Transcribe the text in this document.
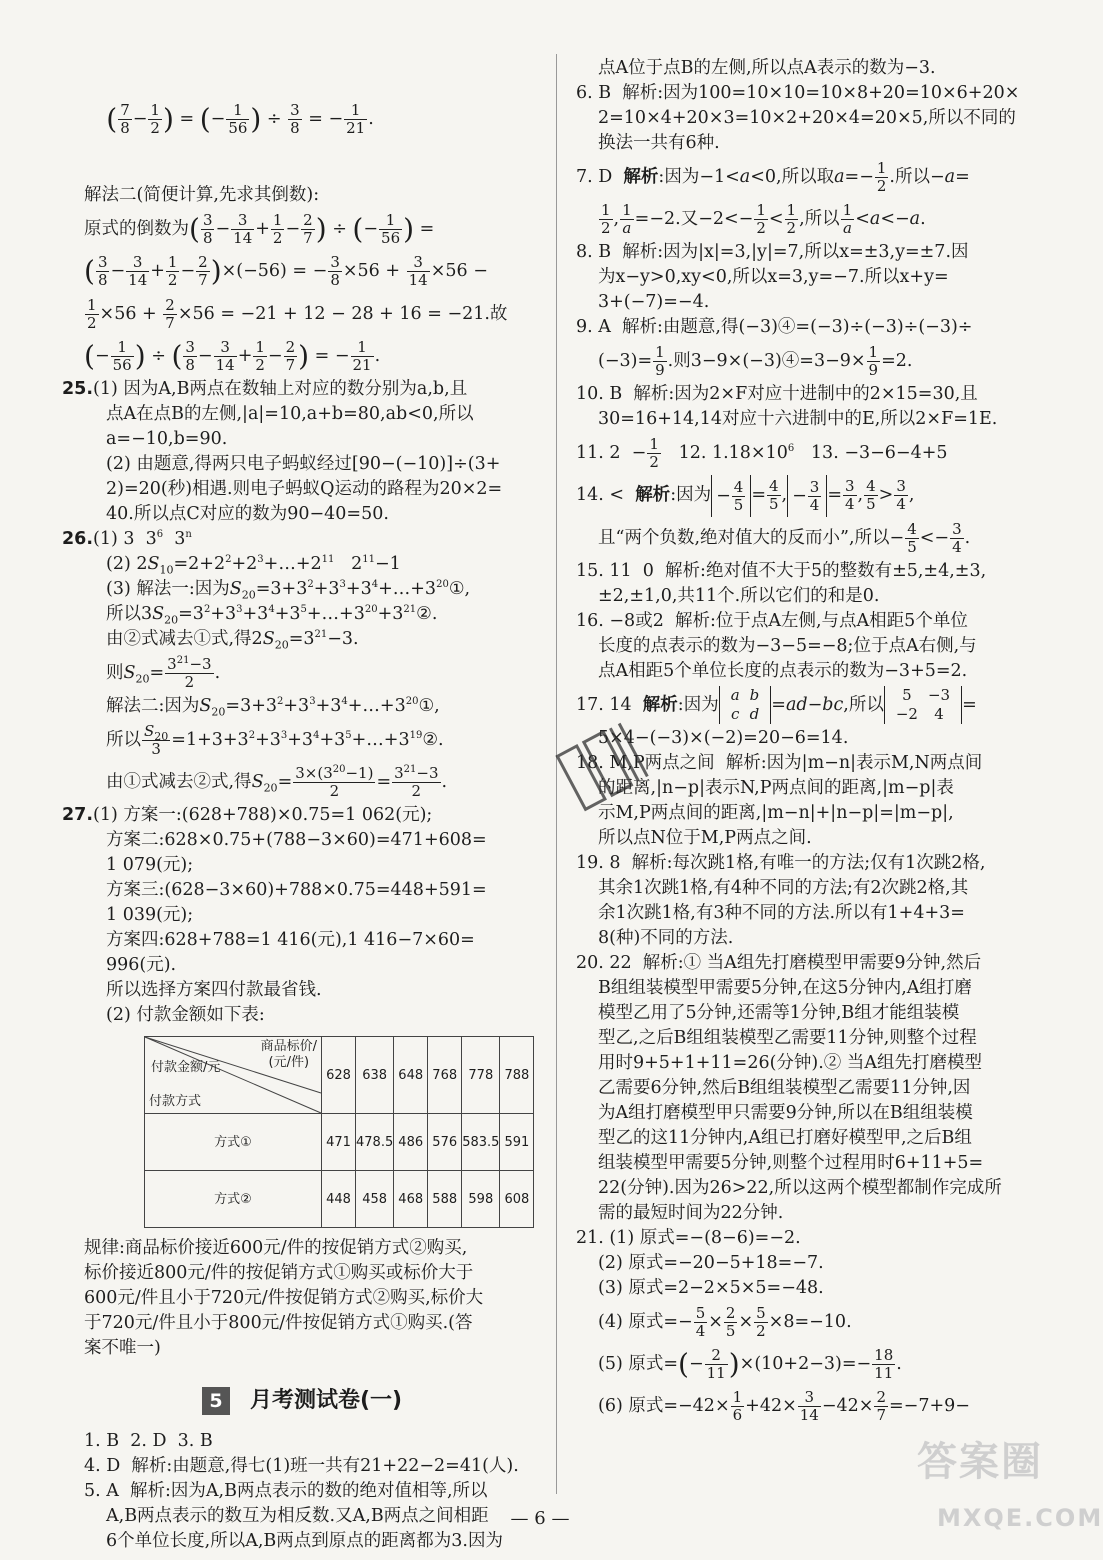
( $\frac{7}{8} - \frac{1}{2}$ ) = (− $\frac{1}{56}$ ) ÷ $\frac{3}{8}$ = − $\frac{1}{21}$ .

解法二(简便计算,先求其倒数):
原式的倒数为( $\frac{3}{8} - \frac{3}{14} + \frac{1}{2} - \frac{2}{7}$ ) ÷ (− $\frac{1}{56}$ ) =
( $\frac{3}{8} - \frac{3}{14} + \frac{1}{2} - \frac{2}{7} )\times(-56)$ = − $\frac{3}{8} \times 56 + \frac{3}{14} \times 56$ −
$\frac{1}{2} \times 56 + \frac{2}{7} \times 56 = -21 + 12 - 28 + 16 = -21$.故
(− $\frac{1}{56}$ ) ÷ ( $\frac{3}{8} - \frac{3}{14} + \frac{1}{2} - \frac{2}{7}$ ) = − $\frac{1}{21}$ .
25.(1) 因为A,B两点在数轴上对应的数分别为a,b,且
点A在点B的左侧,|a|=10,a+b=80,ab<0,所以
a=−10,b=90.
(2) 由题意,得两只电子蚂蚁经过[90−(−10)]÷(3+
2)=20(秒)相遇.则电子蚂蚁Q运动的路程为20×2=
40.所以点C对应的数为90−40=50.
26.(1) 3  $3^6$  3$^n$
(2) $2S_{10}=2+2^2+2^3+\dots+2^{11}$   $2^{11}-1$
(3) 解法一:因为$S_{20}=3+3^2+3^3+3^4+\dots+3^{20}①$,
所以$3S_{20}=3^2+3^3+3^4+3^5+\dots+3^{20}+3^{21}②$.
由②式减去①式,得$2S_{20}=3^{21}-3$.
则$S_{20}= \frac{3^{21}-3}{2}$ .
解法二:因为$S_{20}=3+3^2+3^3+3^4+\dots+3^{20}①$,
所以 $\frac{S_{20}}{3}$ $=1+3+3^2+3^3+3^4+3^5+\dots+3^{19}②$.
由①式减去②式,得$S_{20}= \frac{3\times(3^{20}-1)}{2} = \frac{3^{21}-3}{2}$ .
27.(1) 方案一:(628+788)×0.75=1 062(元);
方案二:628×0.75+(788−3×60)=471+608=
1 079(元);
方案三:(628−3×60)+788×0.75=448+591=
1 039(元);
方案四:628+788=1 416(元),1 416−7×60=
996(元).
所以选择方案四付款最省钱.
(2) 付款金额如下表:
商品标价/
(元/件)
付款金额/元
付款方式	628	638	648	768	778	788
方式①	471	478.5	486	576	583.5	591
方式②	448	458	468	588	598	608
规律:商品标价接近600元/件的按促销方式②购买,
标价接近800元/件的按促销方式①购买或标价大于
600元/件且小于720元/件按促销方式②购买,标价大
于720元/件且小于800元/件按促销方式①购买.(答
案不唯一)
5 月考测试卷(一)
1. B  2. D  3. B
4. D  解析:由题意,得七(1)班一共有21+22−2=41(人).
5. A  解析:因为A,B两点表示的数的绝对值相等,所以
A,B两点表示的数互为相反数.又A,B两点之间相距
6个单位长度,所以A,B两点到原点的距离都为3.因为
点A位于点B的左侧,所以点A表示的数为−3.
6. B  解析:因为100=10×10=10×8+20=10×6+20×
2=10×4+20×3=10×2+20×4=20×5,所以不同的
换法一共有6种.
7. D  解析:因为−1<a<0,所以取$a=- \frac{1}{2}$ .所以−a=
$\frac{1}{2}$ , $\frac{1}{a} =-2$.又$-2<- \frac{1}{2} < \frac{1}{2}$ ,所以 $\frac{1}{a} <a<-a$.
8. B  解析:因为|x|=3,|y|=7,所以x=±3,y=±7.因
为x−y>0,xy<0,所以x=3,y=−7.所以x+y=
3+(−7)=−4.
9. A  解析:由题意,得(−3)④=(−3)÷(−3)÷(−3)÷
$(-3)= \frac{1}{9}$ .则3−9×(−3)④=3−9× $\frac{1}{9} =2$.
10. B  解析:因为2×F对应十进制中的2×15=30,且
30=16+14,14对应十六进制中的E,所以2×F=1E.
11. $2 - \frac{1}{2} 12$. $1.18\times 10^6$   13. −3−6−4+5
14. <  解析:因为 − $\frac{4}{5} = \frac{4}{5}$ , − $\frac{3}{4} = \frac{3}{4}$ , $\frac{4}{5} > \frac{3}{4}$ ,
且“两个负数,绝对值大的反而小”,所以− $\frac{4}{5} <- \frac{3}{4}$ .
15. 11  0  解析:绝对值不大于5的整数有±5,±4,±3,
±2,±1,0,共11个.所以它们的和是0.
16. −8或2  解析:位于点A左侧,与点A相距5个单位
长度的点表示的数为−3−5=−8;位于点A右侧,与
点A相距5个单位长度的点表示的数为−3+5=2.
17. 14  解析:因为 a	b
c	d =ad−bc,所以 5	−3
−2	4 =
5×4−(−3)×(−2)=20−6=14.
18. M,P两点之间  解析:因为|m−n|表示M,N两点间
的距离,|n−p|表示N,P两点间的距离,|m−p|表
示M,P两点间的距离,|m−n|+|n−p|=|m−p|,
所以点N位于M,P两点之间.
19. 8  解析:每次跳1格,有唯一的方法;仅有1次跳2格,
其余1次跳1格,有4种不同的方法;有2次跳2格,其
余1次跳1格,有3种不同的方法.所以有1+4+3=
8(种)不同的方法.
20. 22  解析:① 当A组先打磨模型甲需要9分钟,然后
B组组装模型甲需要5分钟,在这5分钟内,A组打磨
模型乙用了5分钟,还需等1分钟,B组才能组装模
型乙,之后B组组装模型乙需要11分钟,则整个过程
用时9+5+1+11=26(分钟).② 当A组先打磨模型
乙需要6分钟,然后B组组装模型乙需要11分钟,因
为A组打磨模型甲只需要9分钟,所以在B组组装模
型乙的这11分钟内,A组已打磨好模型甲,之后B组
组装模型甲需要5分钟,则整个过程用时6+11+5=
22(分钟).因为26>22,所以这两个模型都制作完成所
需的最短时间为22分钟.
21. (1) 原式=−(8−6)=−2.
(2) 原式=−20−5+18=−7.
(3) 原式=2−2×5×5=−48.
(4) 原式=− $\frac{5}{4} \times \frac{2}{5} \times \frac{5}{2} \times 8=-10$.
(5) 原式=(− $\frac{2}{11} )\times(10+2-3)=- \frac{18}{11}$ .
(6) 原式$=-42\times \frac{1}{6} +42\times \frac{3}{14} -42\times \frac{2}{7} =-7+9-$
— 6 —
答案圈
MXQE.COM
